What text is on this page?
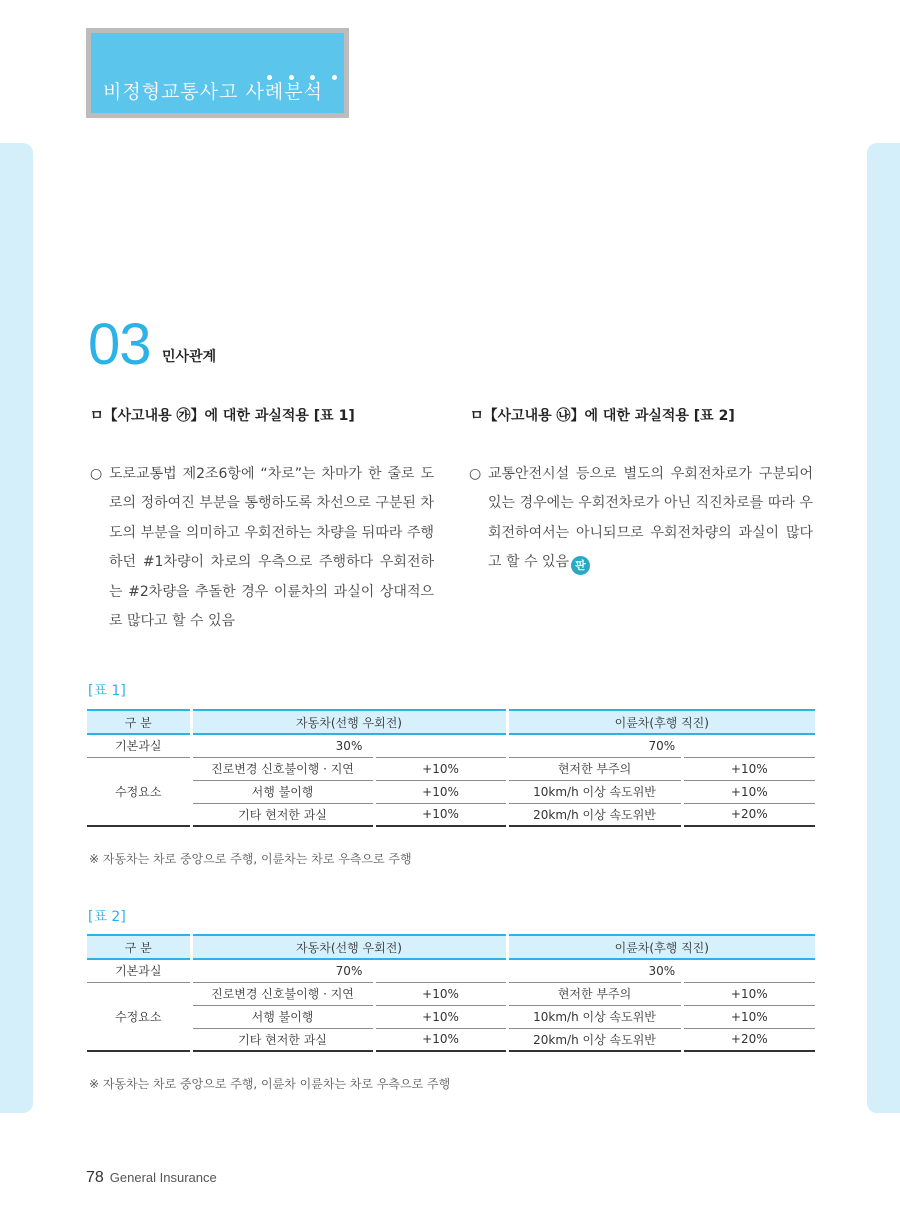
비정형교통사고 사례분석
03 민사관계
ㅁ【사고내용 ㉮】에 대한 과실적용 [표 1]	ㅁ【사고내용 ㉯】에 대한 과실적용 [표 2]
○ 도로교통법 제2조6항에 “차로”는 차마가 한 줄로 도로의 정하여진 부분을 통행하도록 차선으로 구분된 차도의 부분을 의미하고 우회전하는 차량을 뒤따라 주행하던 #1차량이 차로의 우측으로 주행하다 우회전하는 #2차량을 추돌한 경우 이륜차의 과실이 상대적으로 많다고 할 수 있음
○ 교통안전시설 등으로 별도의 우회전차로가 구분되어 있는 경우에는 우회전차로가 아닌 직진차로를 따라 우회전하여서는 아니되므로 우회전차량의 과실이 많다고 할 수 있음 판
[표 1]
구 분	자동차(선행 우회전)		이륜차(후행 직진)	
기본과실	30%		70%	
수정요소	진로변경 신호불이행 · 지연	+10%	현저한 부주의	+10%
	서행 불이행	+10%	10km/h 이상 속도위반	+10%
	기타 현저한 과실	+10%	20km/h 이상 속도위반	+20%
※ 자동차는 차로 중앙으로 주행, 이륜차는 차로 우측으로 주행
[표 2]
구 분	자동차(선행 우회전)		이륜차(후행 직진)	
기본과실	70%		30%	
수정요소	진로변경 신호불이행 · 지연	+10%	현저한 부주의	+10%
	서행 불이행	+10%	10km/h 이상 속도위반	+10%
	기타 현저한 과실	+10%	20km/h 이상 속도위반	+20%
※ 자동차는 차로 중앙으로 주행, 이륜차 이륜차는 차로 우측으로 주행
78 General Insurance
